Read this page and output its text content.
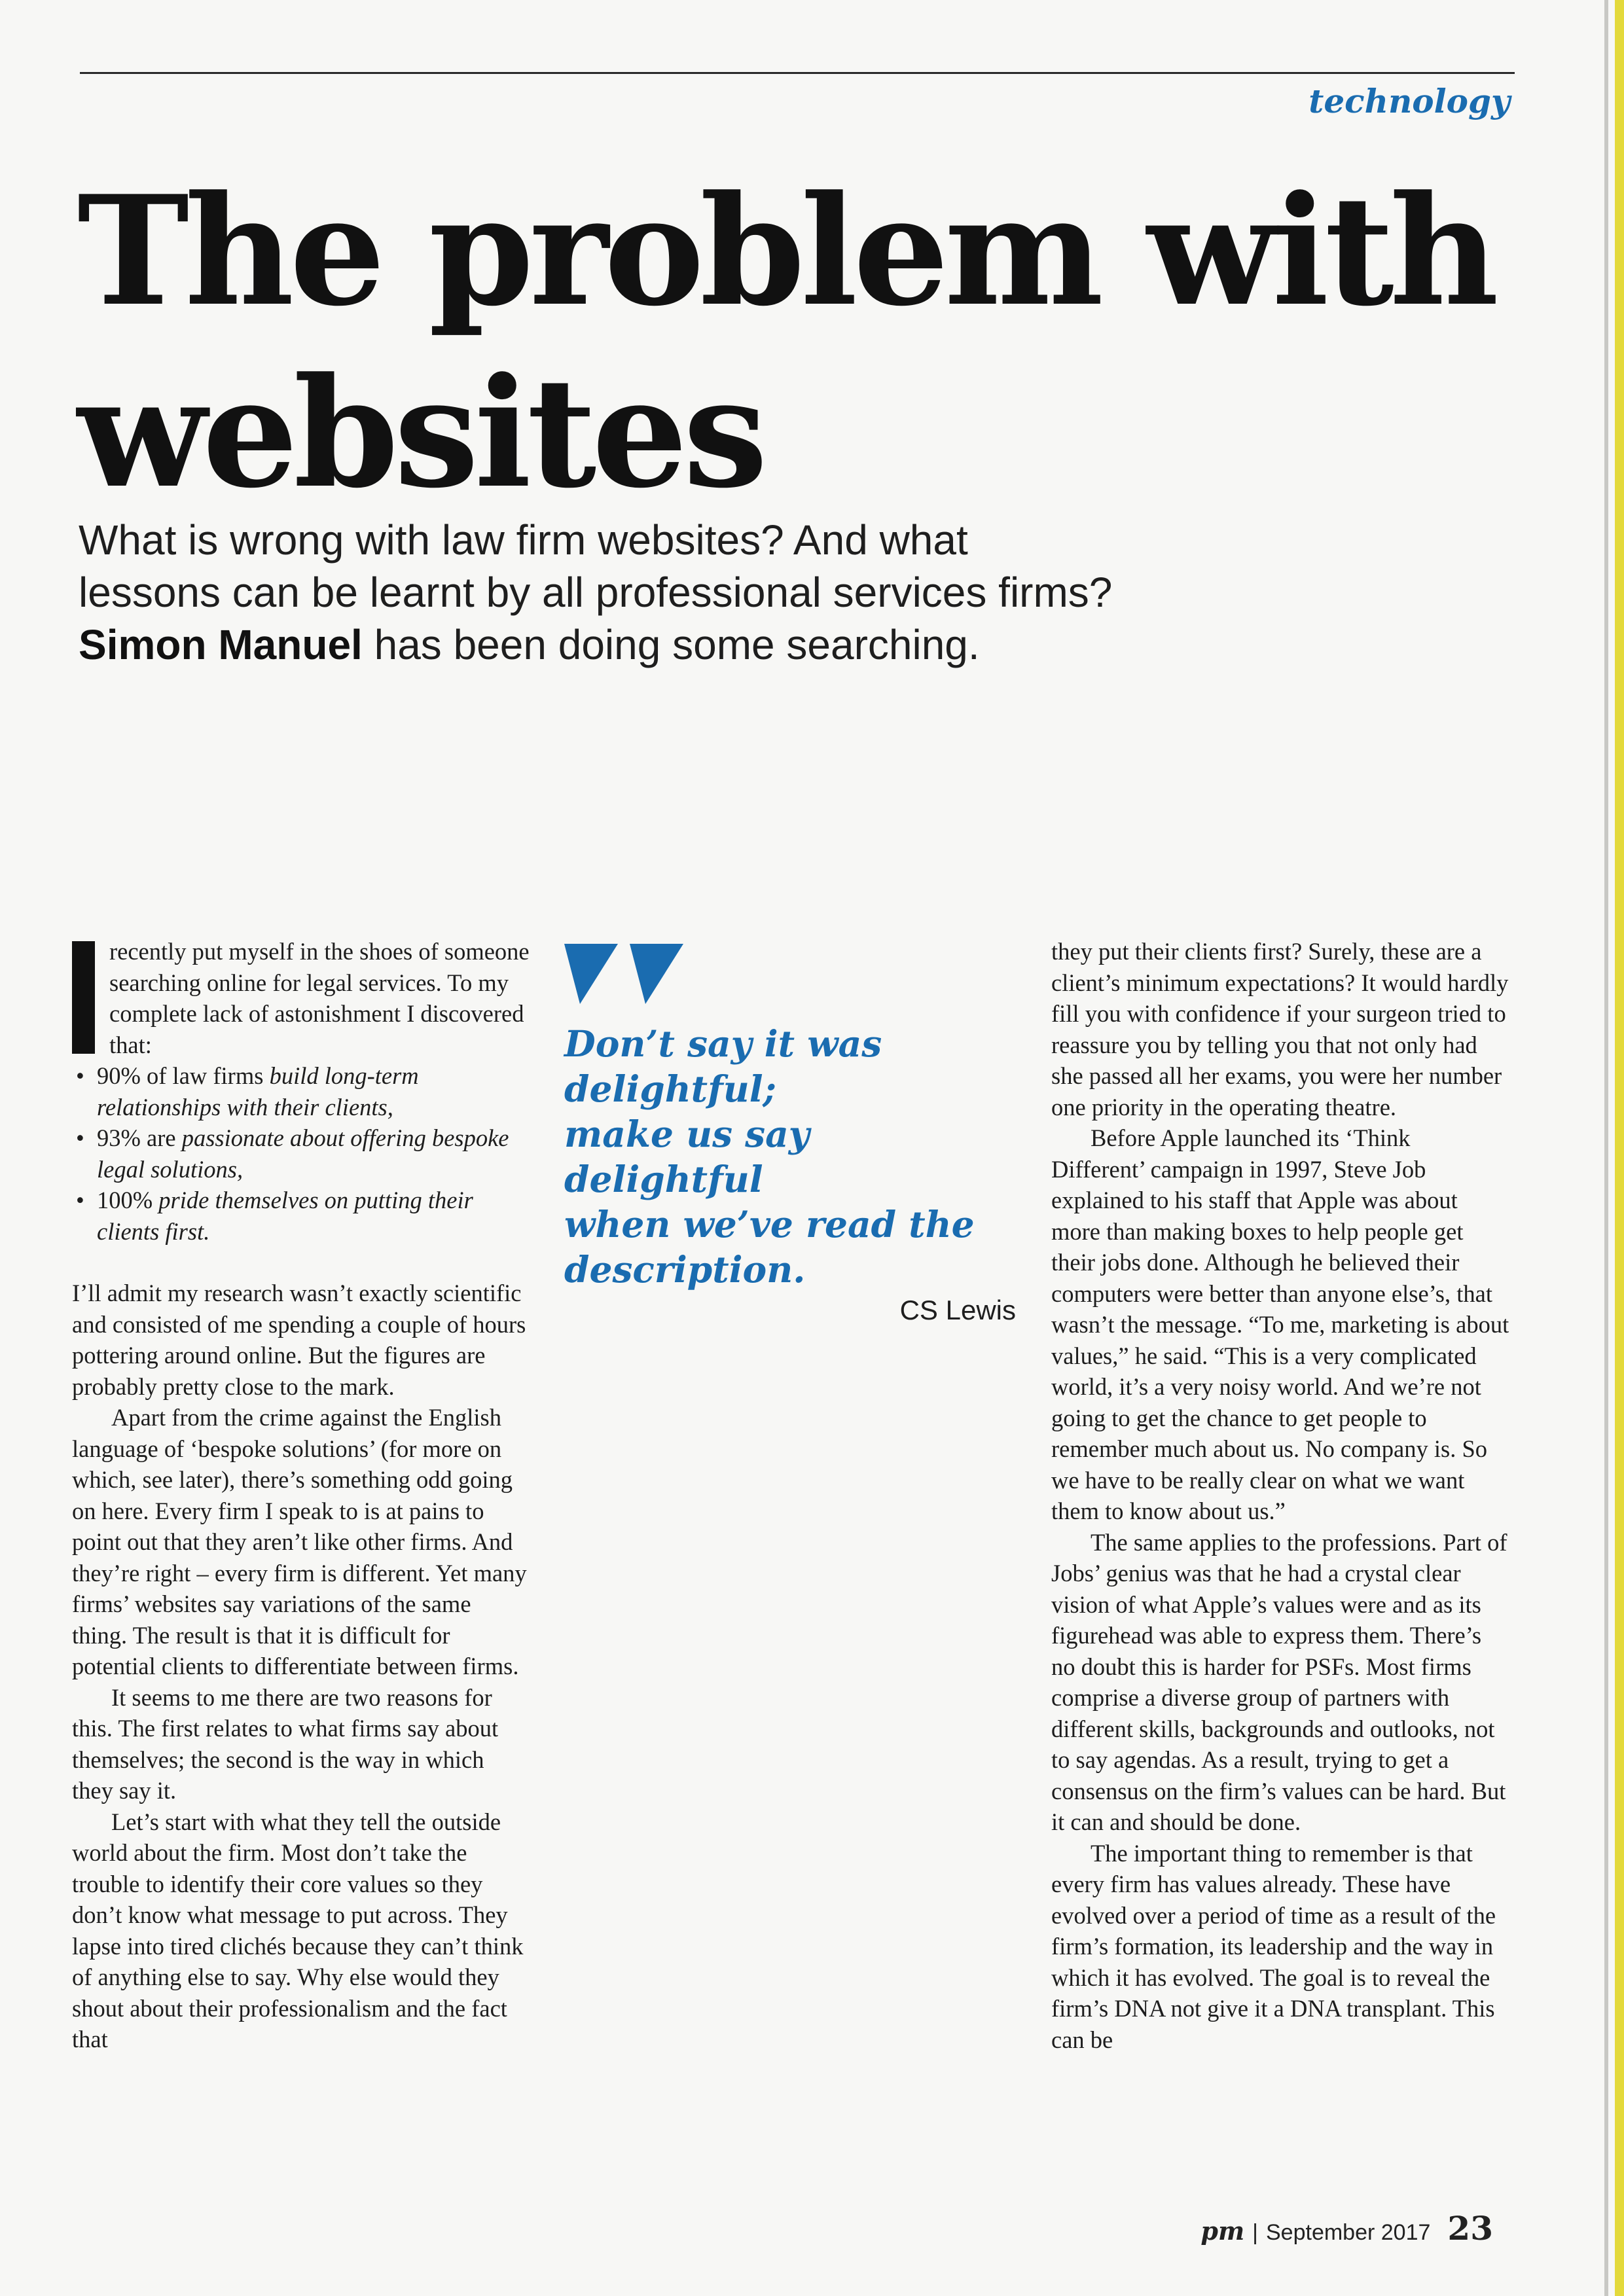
technology
The problem with
websites

What is wrong with law firm websites? And what
lessons can be learnt by all professional services firms?
Simon Manuel has been doing some searching.

recently put myself in the shoes of someone searching online for legal services. To my complete lack of astonishment I discovered that:
• 90% of law firms build long-term relationships with their clients,
• 93% are passionate about offering bespoke legal solutions,
• 100% pride themselves on putting their clients first.

I’ll admit my research wasn’t exactly scientific and consisted of me spending a couple of hours pottering around online. But the figures are probably pretty close to the mark.

Apart from the crime against the English language of ‘bespoke solutions’ (for more on which, see later), there’s something odd going on here. Every firm I speak to is at pains to point out that they aren’t like other firms. And they’re right – every firm is different. Yet many firms’ websites say variations of the same thing. The result is that it is difficult for potential clients to differentiate between firms.

It seems to me there are two reasons for this. The first relates to what firms say about themselves; the second is the way in which they say it.

Let’s start with what they tell the outside world about the firm. Most don’t take the trouble to identify their core values so they don’t know what message to put across. They lapse into tired clichés because they can’t think of anything else to say. Why else would they shout about their professionalism and the fact that

Don’t say it was
delightful;
make us say delightful
when we’ve read the
description.

CS Lewis

they put their clients first? Surely, these are a client’s minimum expectations? It would hardly fill you with confidence if your surgeon tried to reassure you by telling you that not only had she passed all her exams, you were her number one priority in the operating theatre.

Before Apple launched its ‘Think Different’ campaign in 1997, Steve Job explained to his staff that Apple was about more than making boxes to help people get their jobs done. Although he believed their computers were better than anyone else’s, that wasn’t the message. “To me, marketing is about values,” he said. “This is a very complicated world, it’s a very noisy world. And we’re not going to get the chance to get people to remember much about us. No company is. So we have to be really clear on what we want them to know about us.”

The same applies to the professions. Part of Jobs’ genius was that he had a crystal clear vision of what Apple’s values were and as its figurehead was able to express them. There’s no doubt this is harder for PSFs. Most firms comprise a diverse group of partners with different skills, backgrounds and outlooks, not to say agendas. As a result, trying to get a consensus on the firm’s values can be hard. But it can and should be done.

The important thing to remember is that every firm has values already. These have evolved over a period of time as a result of the firm’s formation, its leadership and the way in which it has evolved. The goal is to reveal the firm’s DNA not give it a DNA transplant. This can be

pm | September 2017 23
